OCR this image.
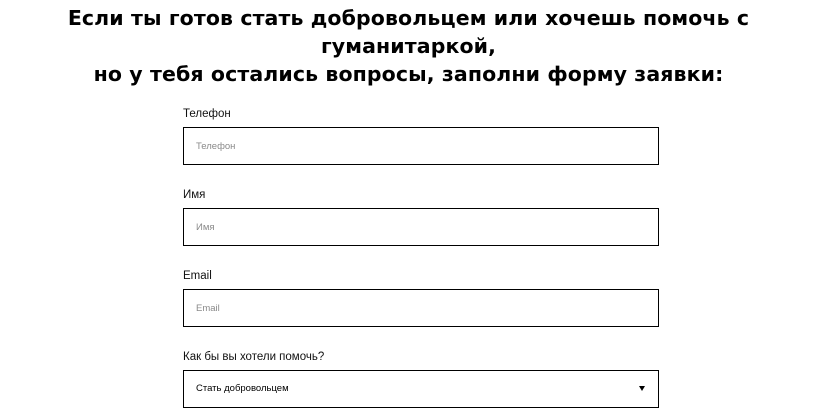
Если ты готов стать добровольцем или хочешь помочь с гуманитаркой,
но у тебя остались вопросы, заполни форму заявки:
Телефон
Телефон
Имя
Имя
Email
Email
Как бы вы хотели помочь?
Стать добровольцем
